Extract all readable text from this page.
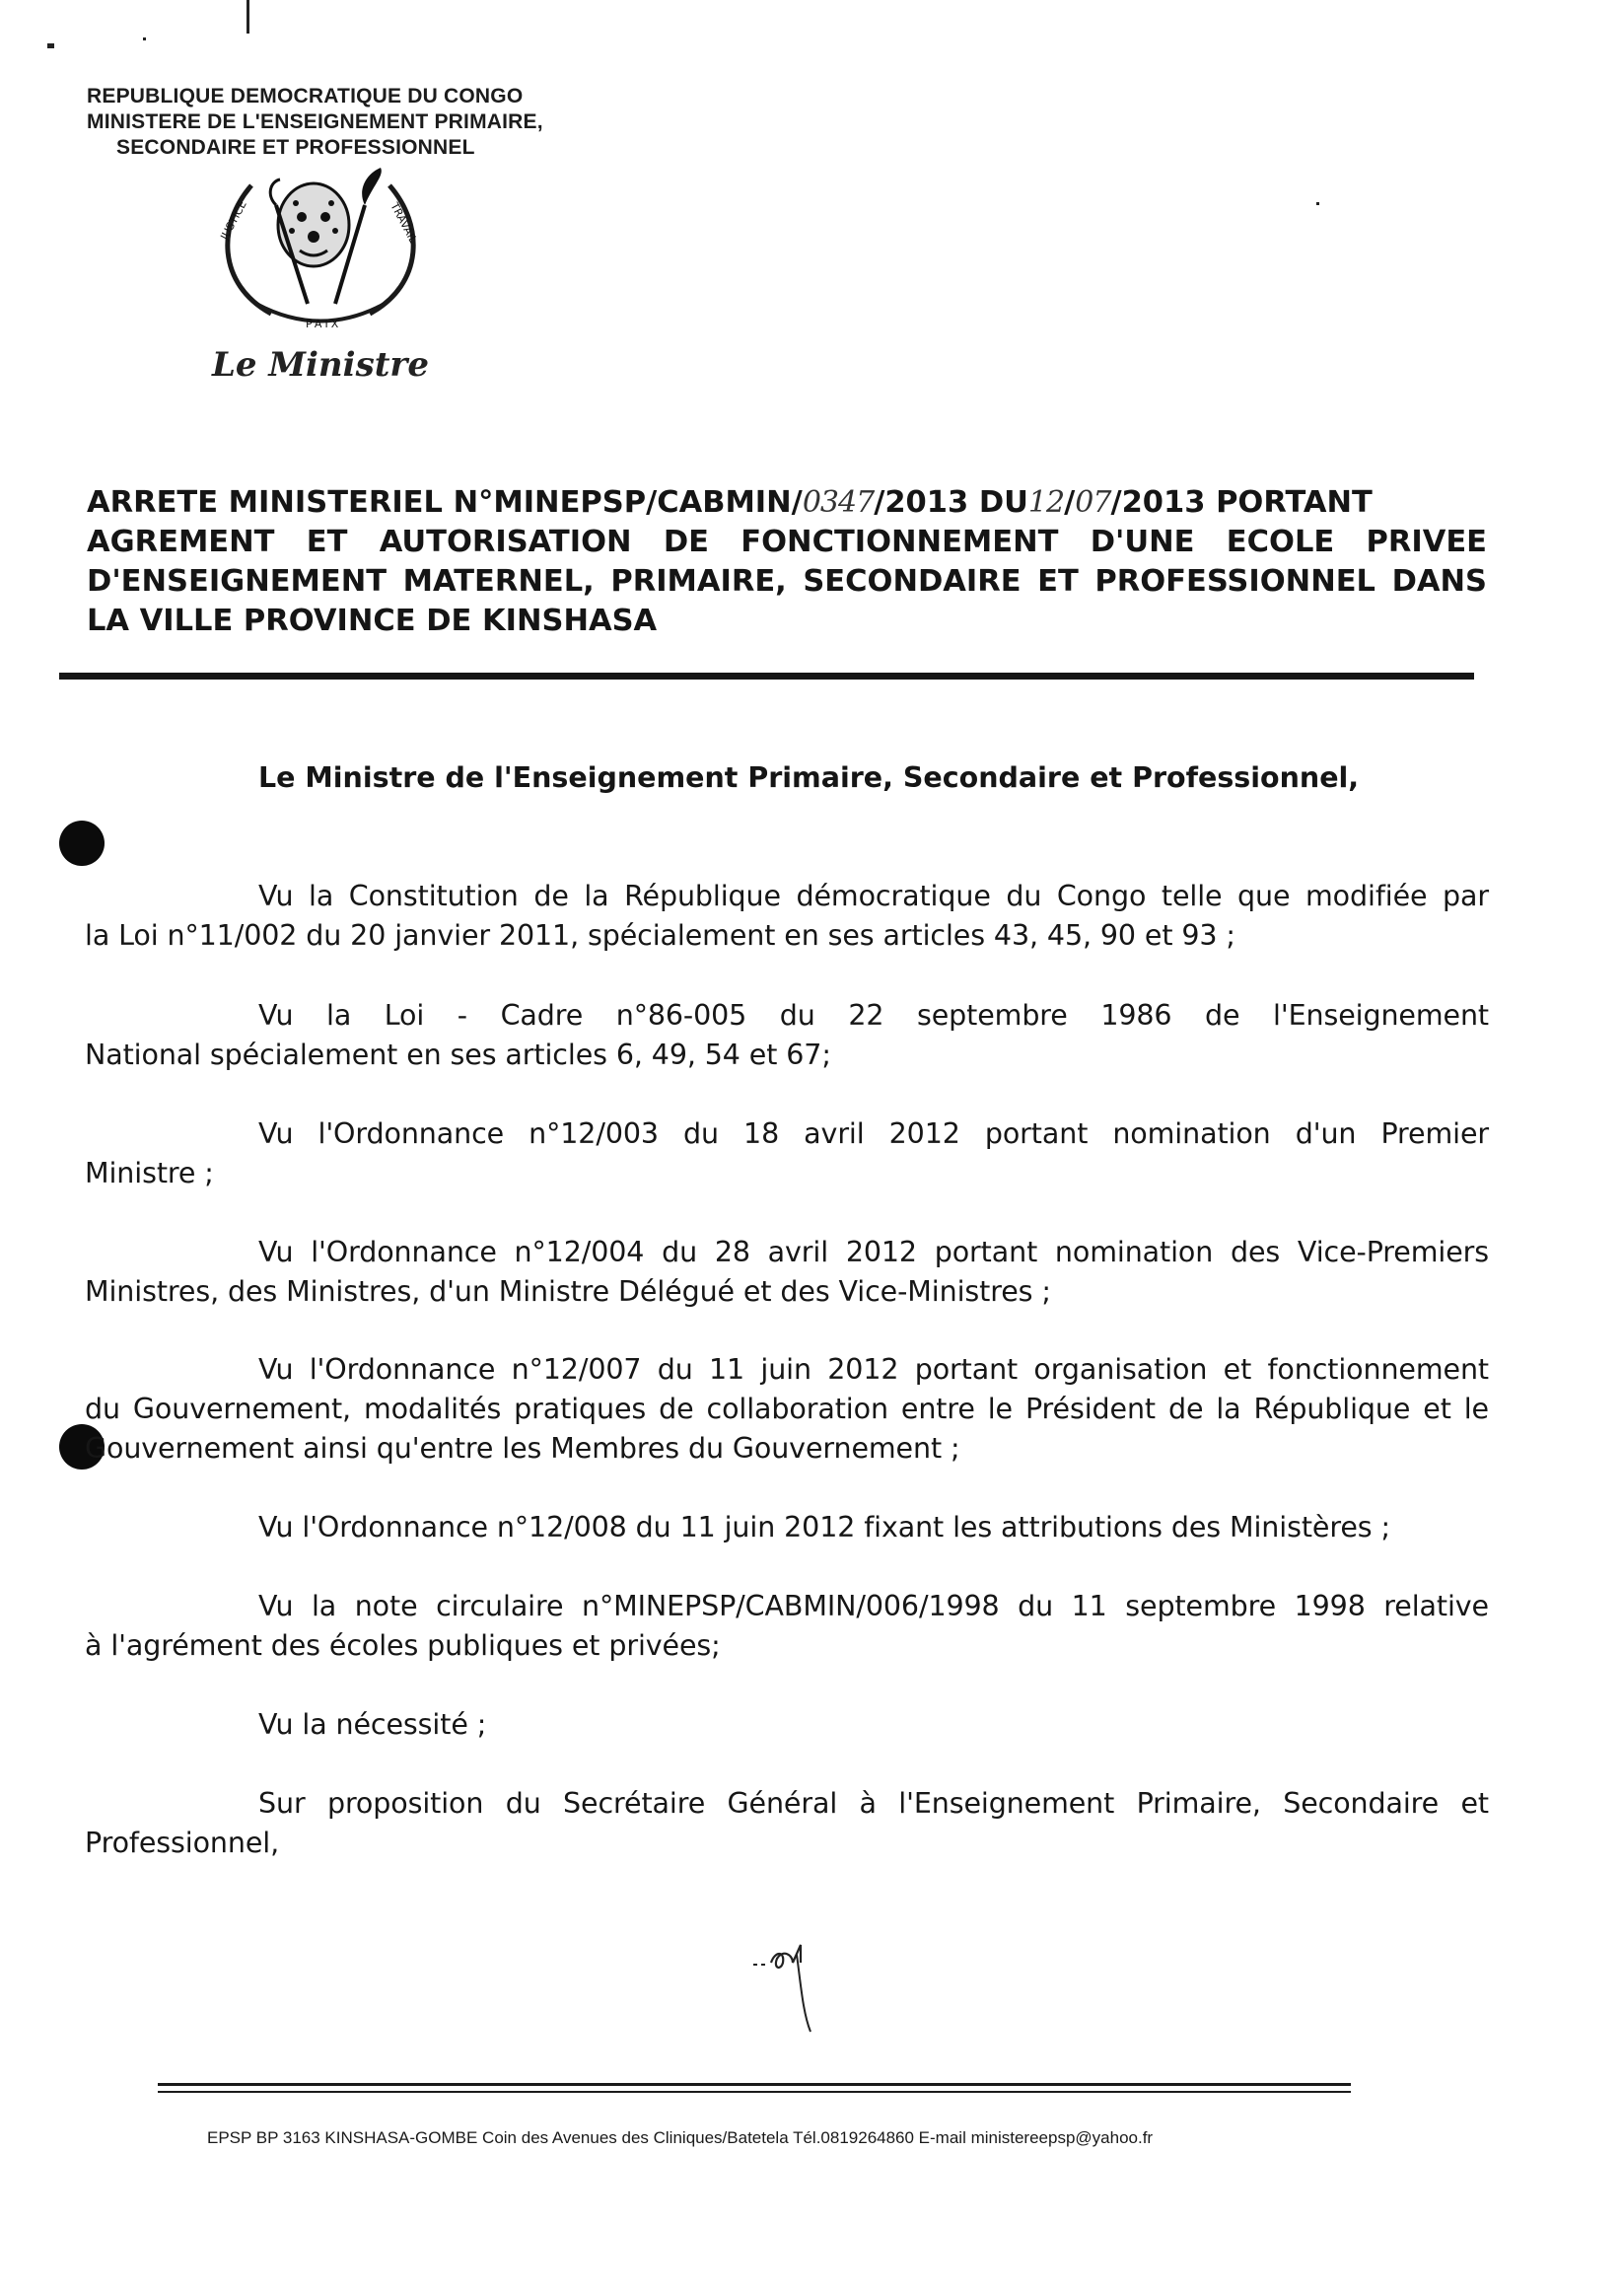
REPUBLIQUE DEMOCRATIQUE DU CONGO
MINISTERE DE L'ENSEIGNEMENT PRIMAIRE,
SECONDAIRE ET PROFESSIONNEL
JUSTICE
PAIX
TRAVAIL
Le Ministre
ARRETE MINISTERIEL N°MINEPSP/CABMIN/0347/2013 DU12/07/2013 PORTANT
AGREMENT ET AUTORISATION DE FONCTIONNEMENT D'UNE ECOLE PRIVEE
D'ENSEIGNEMENT MATERNEL, PRIMAIRE, SECONDAIRE ET PROFESSIONNEL DANS
LA VILLE PROVINCE DE KINSHASA
Le Ministre de l'Enseignement Primaire, Secondaire et Professionnel,
Vu la Constitution de la République démocratique du Congo telle que modifiée par
la Loi n°11/002 du 20 janvier 2011, spécialement en ses articles 43, 45, 90 et 93 ;
Vu la Loi - Cadre n°86-005 du 22 septembre 1986 de l'Enseignement
National spécialement en ses articles 6, 49, 54 et 67;
Vu l'Ordonnance n°12/003 du 18 avril 2012 portant nomination d'un Premier
Ministre ;
Vu l'Ordonnance n°12/004 du 28 avril 2012 portant nomination des Vice-Premiers
Ministres, des Ministres, d'un Ministre Délégué et des Vice-Ministres ;
Vu l'Ordonnance n°12/007 du 11 juin 2012 portant organisation et fonctionnement
du Gouvernement, modalités pratiques de collaboration entre le Président de la République et le
Gouvernement ainsi qu'entre les Membres du Gouvernement ;
Vu l'Ordonnance n°12/008 du 11 juin 2012 fixant les attributions des Ministères ;
Vu la note circulaire n°MINEPSP/CABMIN/006/1998 du 11 septembre 1998 relative
à l'agrément des écoles publiques et privées;
Vu la nécessité ;
Sur proposition du Secrétaire Général à l'Enseignement Primaire, Secondaire et
Professionnel,
EPSP BP 3163 KINSHASA-GOMBE Coin des Avenues des Cliniques/Batetela Tél.0819264860 E-mail ministereepsp@yahoo.fr
